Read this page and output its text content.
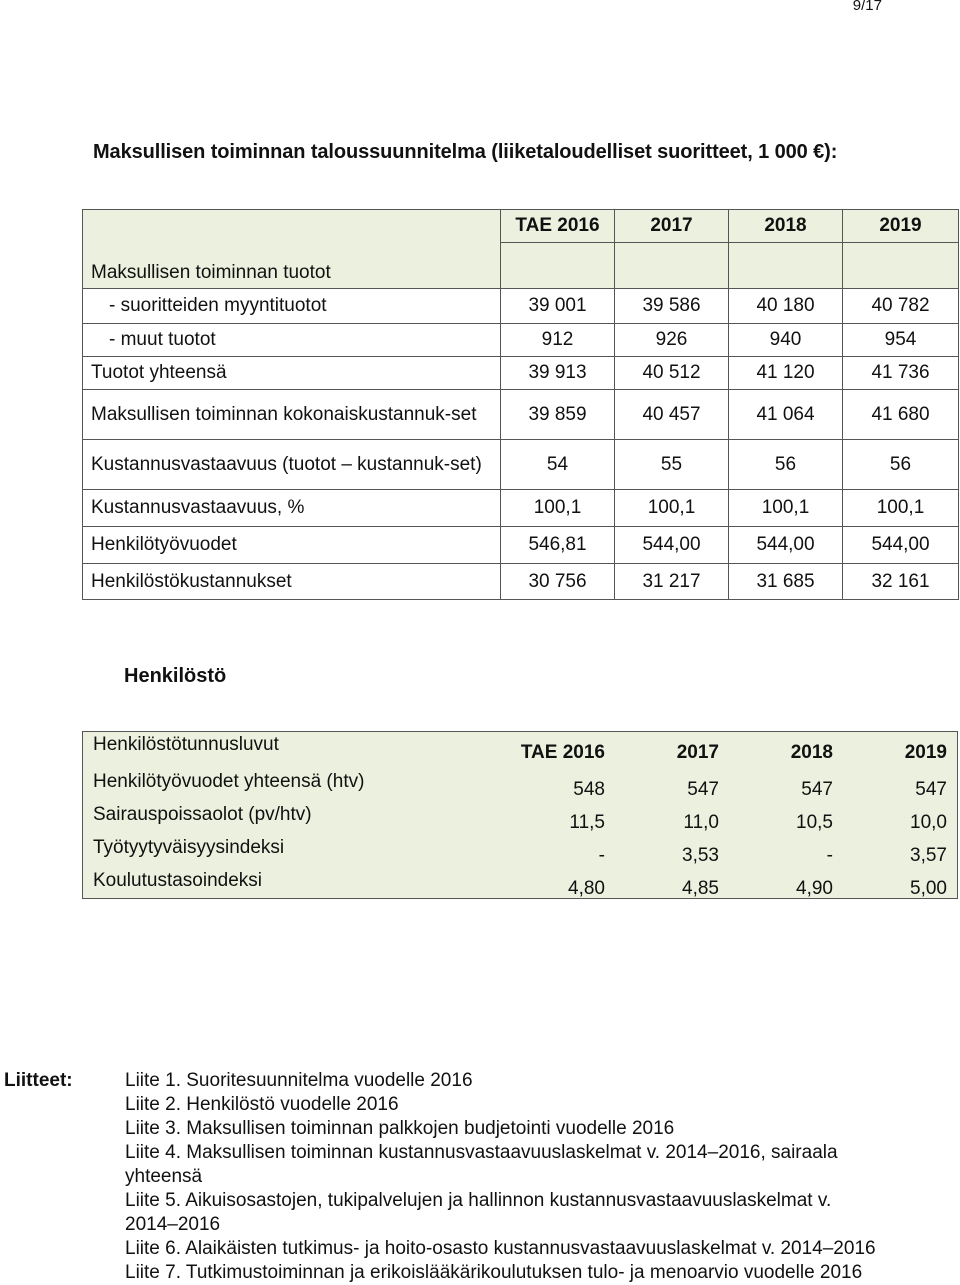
9/17
Maksullisen toiminnan taloussuunnitelma (liiketaloudelliset suoritteet, 1 000 €):
Maksullisen toiminnan tuotot	TAE 2016	2017	2018	2019

- suoritteiden myyntituotot	39 001	39 586	40 180	40 782
- muut tuotot	912	926	940	954
Tuotot yhteensä	39 913	40 512	41 120	41 736
Maksullisen toiminnan kokonaiskustannuk-set	39 859	40 457	41 064	41 680
Kustannusvastaavuus (tuotot – kustannuk-set)	54	55	56	56
Kustannusvastaavuus, %	100,1	100,1	100,1	100,1
Henkilötyövuodet	546,81	544,00	544,00	544,00
Henkilöstökustannukset	30 756	31 217	31 685	32 161
Henkilöstö
Henkilöstötunnusluvut	TAE 2016	2017	2018	2019
Henkilötyövuodet yhteensä (htv)	548	547	547	547
Sairauspoissaolot (pv/htv)	11,5	11,0	10,5	10,0
Työtyytyväisyysindeksi	-	3,53	-	3,57
Koulutustasoindeksi	4,80	4,85	4,90	5,00
Liitteet:	Liite 1. Suoritesuunnitelma vuodelle 2016
Liite 2. Henkilöstö vuodelle 2016
Liite 3. Maksullisen toiminnan palkkojen budjetointi vuodelle 2016
Liite 4. Maksullisen toiminnan kustannusvastaavuuslaskelmat v. 2014–2016, sairaala yhteensä
Liite 5. Aikuisosastojen, tukipalvelujen ja hallinnon kustannusvastaavuuslaskelmat v. 2014–2016
Liite 6. Alaikäisten tutkimus- ja hoito-osasto kustannusvastaavuuslaskelmat v. 2014–2016
Liite 7. Tutkimustoiminnan ja erikoislääkärikoulutuksen tulo- ja menoarvio vuodelle 2016
